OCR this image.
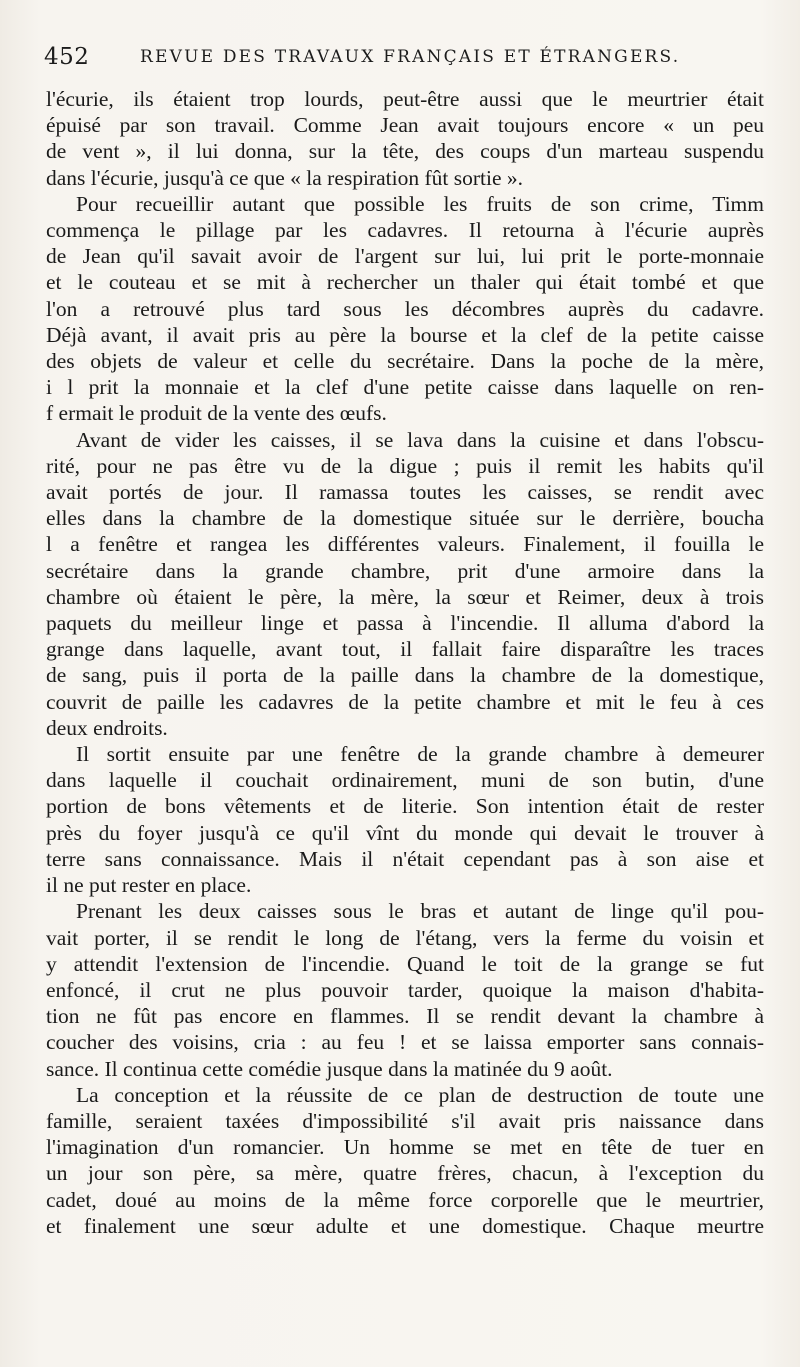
452	REVUE DES TRAVAUX FRANÇAIS ET ÉTRANGERS.
l'écurie, ils étaient trop lourds, peut-être aussi que le meurtrier était
épuisé par son travail. Comme Jean avait toujours encore « un peu
de vent », il lui donna, sur la tête, des coups d'un marteau suspendu
dans l'écurie, jusqu'à ce que « la respiration fût sortie ».
Pour recueillir autant que possible les fruits de son crime, Timm
commença le pillage par les cadavres. Il retourna à l'écurie auprès
de Jean qu'il savait avoir de l'argent sur lui, lui prit le porte-monnaie
et le couteau et se mit à rechercher un thaler qui était tombé et que
l'on a retrouvé plus tard sous les décombres auprès du cadavre.
Déjà avant, il avait pris au père la bourse et la clef de la petite caisse
des objets de valeur et celle du secrétaire. Dans la poche de la mère,
i l prit la monnaie et la clef d'une petite caisse dans laquelle on ren-
f ermait le produit de la vente des œufs.
Avant de vider les caisses, il se lava dans la cuisine et dans l'obscu-
rité, pour ne pas être vu de la digue ; puis il remit les habits qu'il
avait portés de jour. Il ramassa toutes les caisses, se rendit avec
elles dans la chambre de la domestique située sur le derrière, boucha
l a fenêtre et rangea les différentes valeurs. Finalement, il fouilla le
secrétaire dans la grande chambre, prit d'une armoire dans la
chambre où étaient le père, la mère, la sœur et Reimer, deux à trois
paquets du meilleur linge et passa à l'incendie. Il alluma d'abord la
grange dans laquelle, avant tout, il fallait faire disparaître les traces
de sang, puis il porta de la paille dans la chambre de la domestique,
couvrit de paille les cadavres de la petite chambre et mit le feu à ces
deux endroits.
Il sortit ensuite par une fenêtre de la grande chambre à demeurer
dans laquelle il couchait ordinairement, muni de son butin, d'une
portion de bons vêtements et de literie. Son intention était de rester
près du foyer jusqu'à ce qu'il vînt du monde qui devait le trouver à
terre sans connaissance. Mais il n'était cependant pas à son aise et
il ne put rester en place.
Prenant les deux caisses sous le bras et autant de linge qu'il pou-
vait porter, il se rendit le long de l'étang, vers la ferme du voisin et
y attendit l'extension de l'incendie. Quand le toit de la grange se fut
enfoncé, il crut ne plus pouvoir tarder, quoique la maison d'habita-
tion ne fût pas encore en flammes. Il se rendit devant la chambre à
coucher des voisins, cria : au feu ! et se laissa emporter sans connais-
sance. Il continua cette comédie jusque dans la matinée du 9 août.
La conception et la réussite de ce plan de destruction de toute une
famille, seraient taxées d'impossibilité s'il avait pris naissance dans
l'imagination d'un romancier. Un homme se met en tête de tuer en
un jour son père, sa mère, quatre frères, chacun, à l'exception du
cadet, doué au moins de la même force corporelle que le meurtrier,
et finalement une sœur adulte et une domestique. Chaque meurtre
